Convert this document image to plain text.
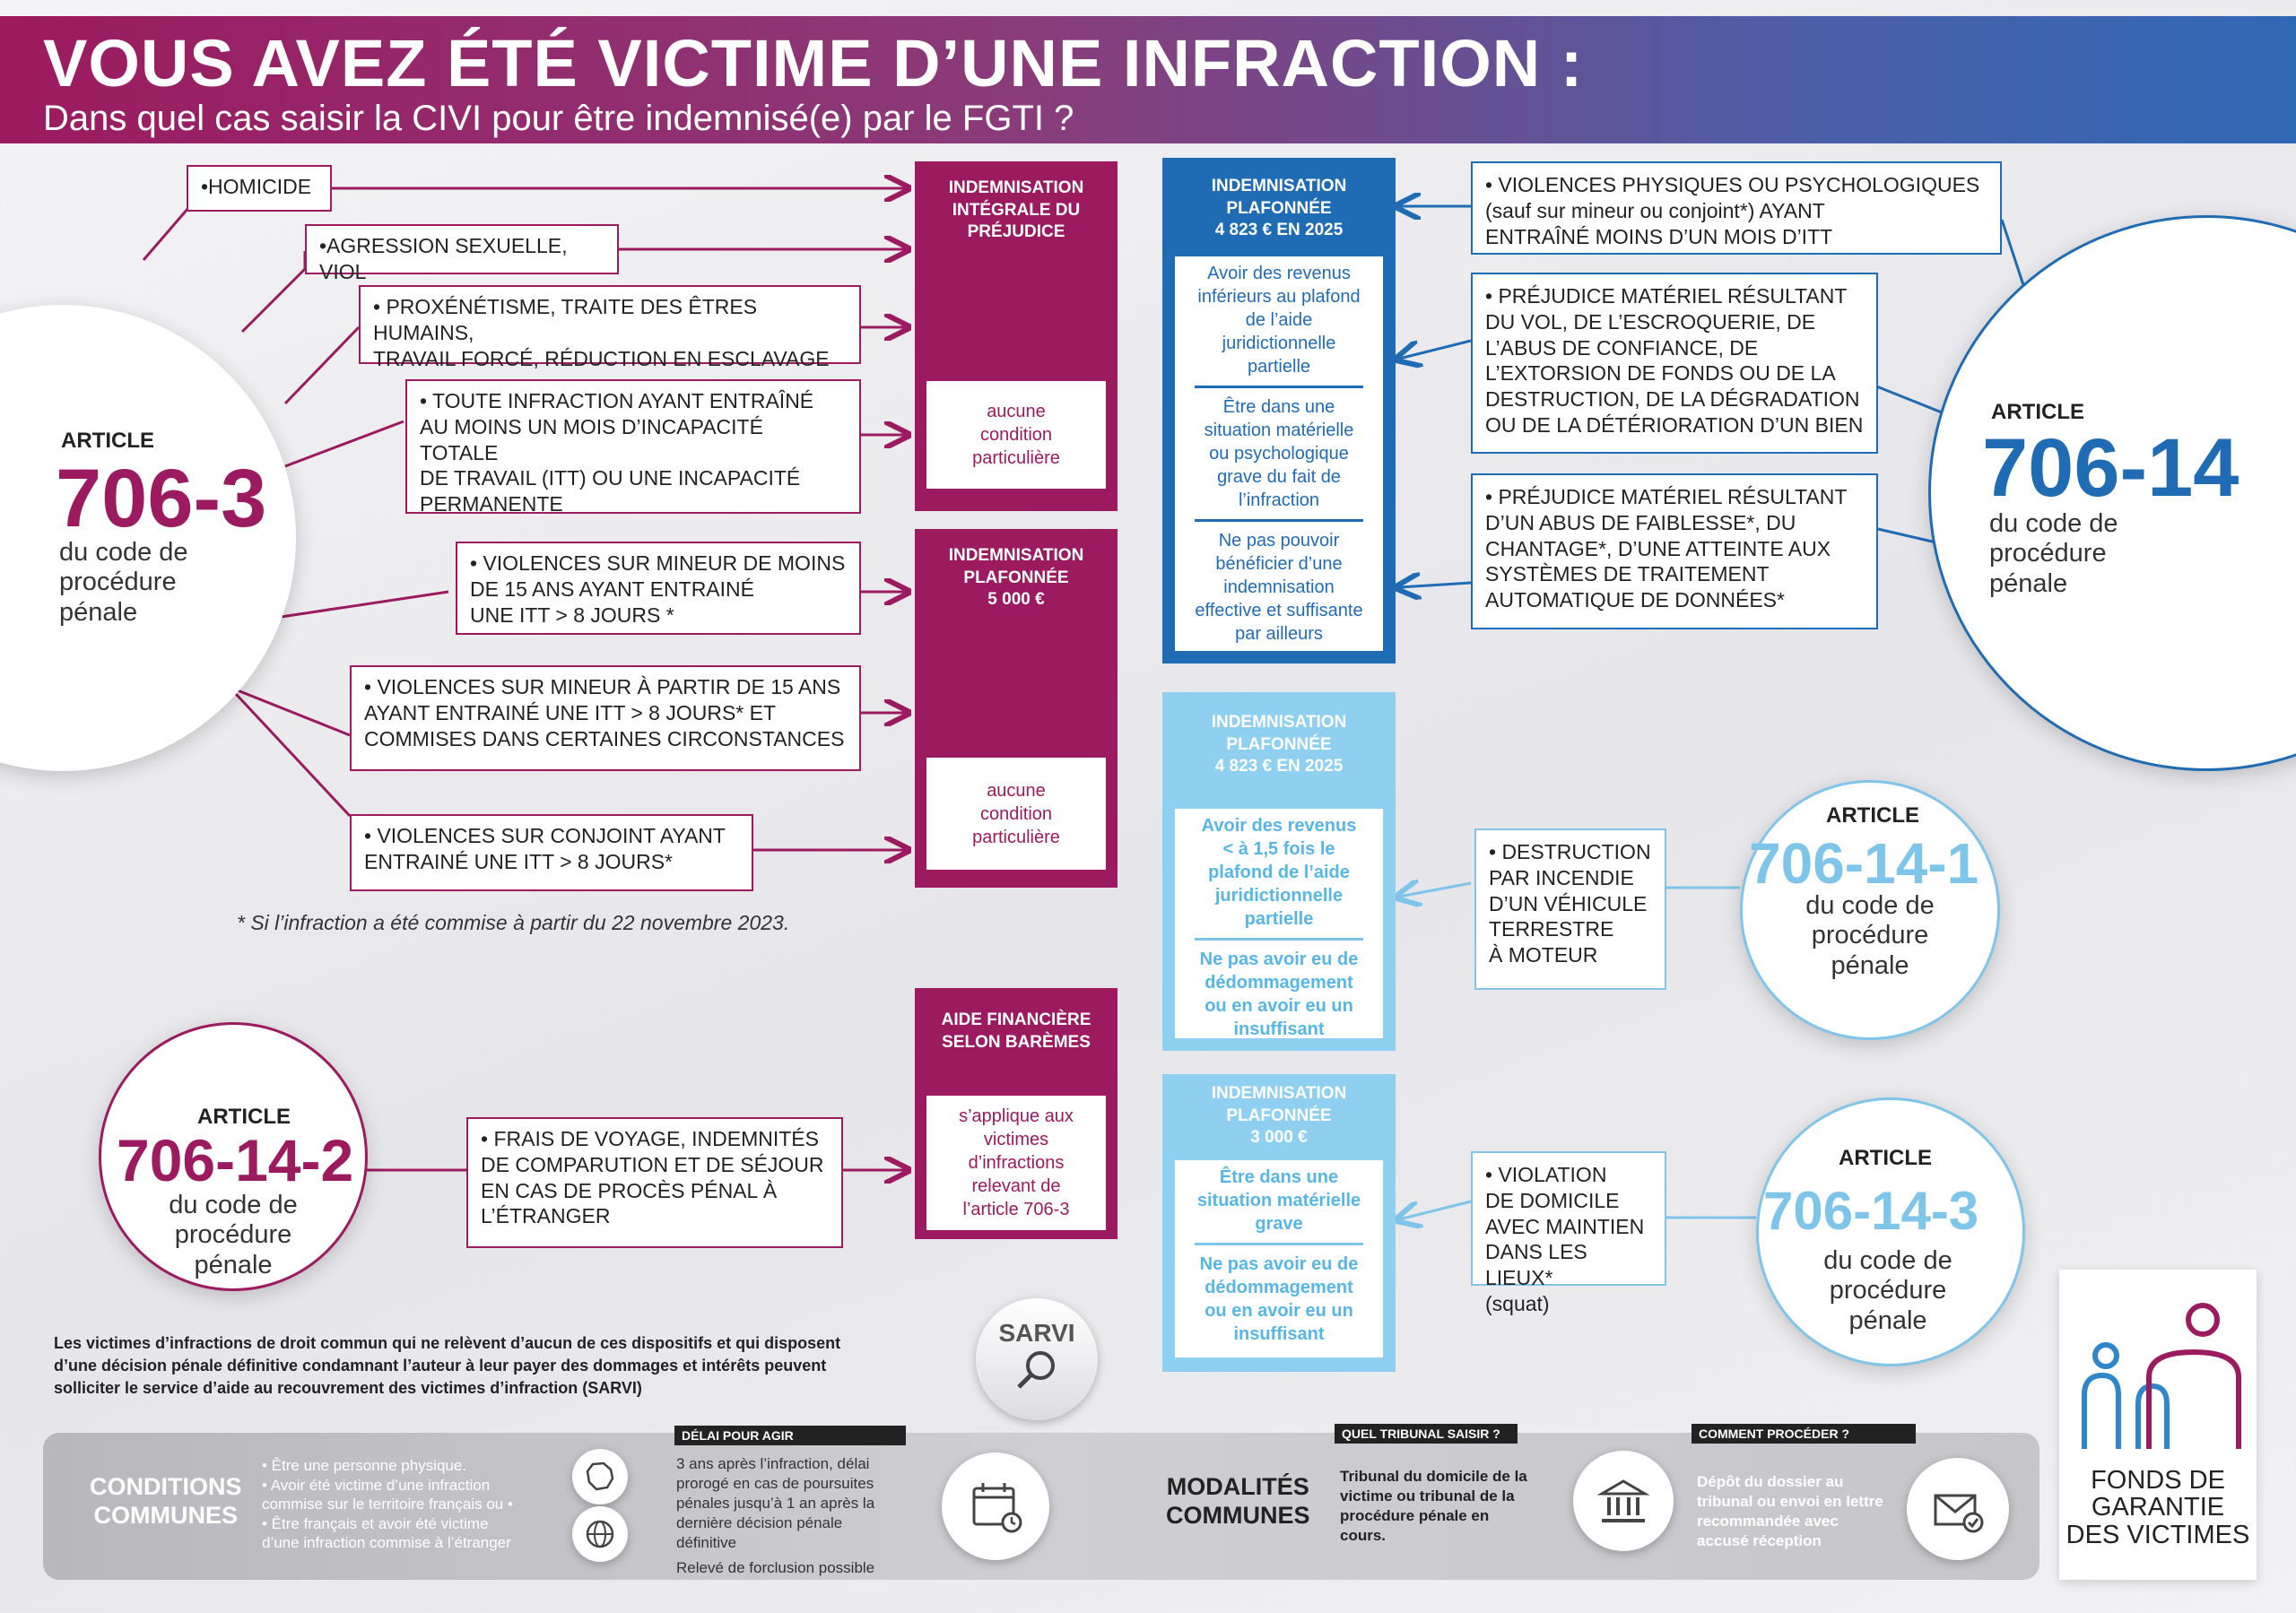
VOUS AVEZ ÉTÉ VICTIME D’UNE INFRACTION :
Dans quel cas saisir la CIVI pour être indemnisé(e) par le FGTI ?
ARTICLE
706-3
du code de
procédure
pénale
•HOMICIDE
•AGRESSION SEXUELLE, VIOL
• PROXÉNÉTISME, TRAITE DES ÊTRES HUMAINS,
TRAVAIL FORCÉ, RÉDUCTION EN ESCLAVAGE
• TOUTE INFRACTION AYANT ENTRAÎNÉ
AU MOINS UN MOIS D’INCAPACITÉ TOTALE
DE TRAVAIL (ITT) OU UNE INCAPACITÉ
PERMANENTE
• VIOLENCES SUR MINEUR DE MOINS
DE 15 ANS AYANT ENTRAINÉ
UNE ITT > 8 JOURS *
• VIOLENCES SUR MINEUR À PARTIR DE 15 ANS
AYANT ENTRAINÉ UNE ITT > 8 JOURS* ET
COMMISES DANS CERTAINES CIRCONSTANCES
• VIOLENCES SUR CONJOINT AYANT
ENTRAINÉ UNE ITT > 8 JOURS*
* Si l’infraction a été commise à partir du 22 novembre 2023.
INDEMNISATION
INTÉGRALE DU
PRÉJUDICE
aucune
condition
particulière
INDEMNISATION
PLAFONNÉE
5 000 €
aucune
condition
particulière
AIDE FINANCIÈRE
SELON BARÈMES
s’applique aux
victimes
d’infractions
relevant de
l’article 706-3
ARTICLE
706-14-2
du code de
procédure
pénale
• FRAIS DE VOYAGE, INDEMNITÉS
DE COMPARUTION ET DE SÉJOUR
EN CAS DE PROCÈS PÉNAL À
L’ÉTRANGER
INDEMNISATION
PLAFONNÉE
4 823 € EN 2025
Avoir des revenus
inférieurs au plafond
de l’aide
juridictionnelle
partielle
Être dans une
situation matérielle
ou psychologique
grave du fait de
l’infraction
Ne pas pouvoir
bénéficier d’une
indemnisation
effective et suffisante
par ailleurs
ARTICLE
706-14
du code de
procédure
pénale
• VIOLENCES PHYSIQUES OU PSYCHOLOGIQUES
(sauf sur mineur ou conjoint*) AYANT
ENTRAÎNÉ MOINS D’UN MOIS D’ITT
• PRÉJUDICE MATÉRIEL RÉSULTANT
DU VOL, DE L’ESCROQUERIE, DE
L’ABUS DE CONFIANCE, DE
L’EXTORSION DE FONDS OU DE LA
DESTRUCTION, DE LA DÉGRADATION
OU DE LA DÉTÉRIORATION D’UN BIEN
• PRÉJUDICE MATÉRIEL RÉSULTANT
D’UN ABUS DE FAIBLESSE*, DU
CHANTAGE*, D’UNE ATTEINTE AUX
SYSTÈMES DE TRAITEMENT
AUTOMATIQUE DE DONNÉES*
INDEMNISATION
PLAFONNÉE
4 823 € EN 2025
Avoir des revenus
< à 1,5 fois le
plafond de l’aide
juridictionnelle
partielle
Ne pas avoir eu de
dédommagement
ou en avoir eu un
insuffisant
• DESTRUCTION
PAR INCENDIE
D’UN VÉHICULE
TERRESTRE
À MOTEUR
ARTICLE
706-14-1
du code de
procédure
pénale
INDEMNISATION
PLAFONNÉE
3 000 €
Être dans une
situation matérielle
grave
Ne pas avoir eu de
dédommagement
ou en avoir eu un
insuffisant
• VIOLATION
DE DOMICILE
AVEC MAINTIEN
DANS LES LIEUX*
(squat)
ARTICLE
706-14-3
du code de
procédure
pénale
Les victimes d’infractions de droit commun qui ne relèvent d’aucun de ces dispositifs et qui disposent
d’une décision pénale définitive condamnant l’auteur à leur payer des dommages et intérêts peuvent
solliciter le service d’aide au recouvrement des victimes d’infraction (SARVI)
SARVI
CONDITIONS
COMMUNES
• Être une personne physique.
• Avoir été victime d’une infraction
commise sur le territoire français ou •
• Être français et avoir été victime
d’une infraction commise à l’étranger
DÉLAI POUR AGIR
3 ans après l’infraction, délai
prorogé en cas de poursuites
pénales jusqu’à 1 an après la
dernière décision pénale
définitive
Relevé de forclusion possible
MODALITÉS
COMMUNES
QUEL TRIBUNAL SAISIR ?
Tribunal du domicile de la
victime ou tribunal de la
procédure pénale en
cours.
COMMENT PROCÉDER ?
Dépôt du dossier au
tribunal ou envoi en lettre
recommandée avec
accusé réception
FONDS DE
GARANTIE
DES VICTIMES
